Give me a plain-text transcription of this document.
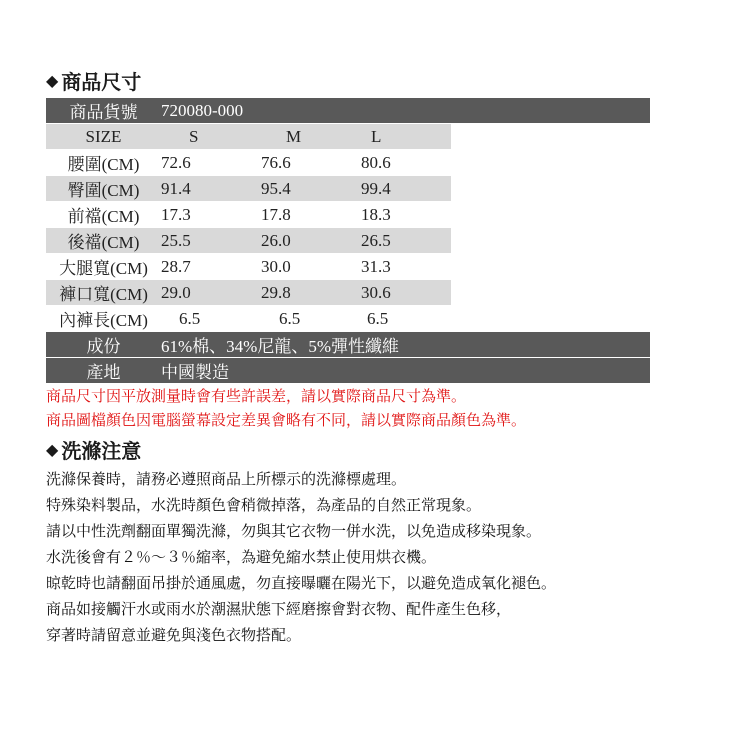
◆ 商品尺寸
商品貨號	720080-000			
SIZE	S	M	L	
腰圍(CM)	72.6	76.6	80.6	
臀圍(CM)	91.4	95.4	99.4	
前襠(CM)	17.3	17.8	18.3	
後襠(CM)	25.5	26.0	26.5	
大腿寬(CM)	28.7	30.0	31.3	
褲口寬(CM)	29.0	29.8	30.6	
內褲長(CM)	6.5	6.5	6.5	
成份	61%棉、34%尼龍、5%彈性纖維			
產地	中國製造			
商品尺寸因平放測量時會有些許誤差，請以實際商品尺寸為準。
商品圖檔顏色因電腦螢幕設定差異會略有不同，請以實際商品顏色為準。
◆ 洗滌注意
洗滌保養時，請務必遵照商品上所標示的洗滌標處理。
特殊染料製品，水洗時顏色會稍微掉落，為產品的自然正常現象。
請以中性洗劑翻面單獨洗滌，勿與其它衣物一併水洗，以免造成移染現象。
水洗後會有２％～３％縮率，為避免縮水禁止使用烘衣機。
晾乾時也請翻面吊掛於通風處，勿直接曝曬在陽光下，以避免造成氧化褪色。
商品如接觸汗水或雨水於潮濕狀態下經磨擦會對衣物、配件產生色移，
穿著時請留意並避免與淺色衣物搭配。
